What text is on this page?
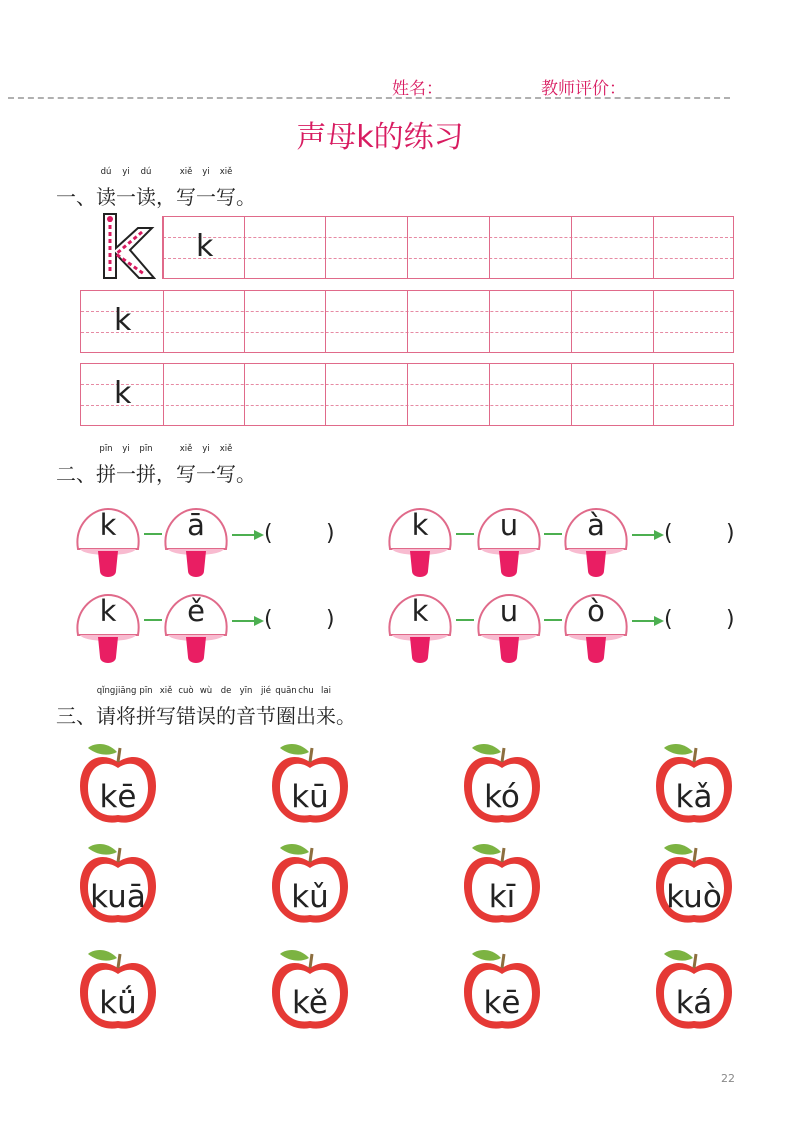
姓名：	教师评价：
声母k的练习
一、
dú
读
yi
一
dú
读，
xiě
写
yi
一
xiě
写。
k
k
k
二、
pīn
拼
yi
一
pīn
拼，
xiě
写
yi
一
xiě
写。
k	ā	( )	k	u	à	( )
k	ě	( )	k	u	ò	( )
三、
qǐng
请
jiāng
将
pīn
拼
xiě
写
cuò
错
wù
误
de
的
yīn
音
jié
节
quān
圈
chu
出
lai
来。
kē	kū	kó	kǎ
kuā	kǔ	kī	kuò
kǘ	kě	kē	ká
22
